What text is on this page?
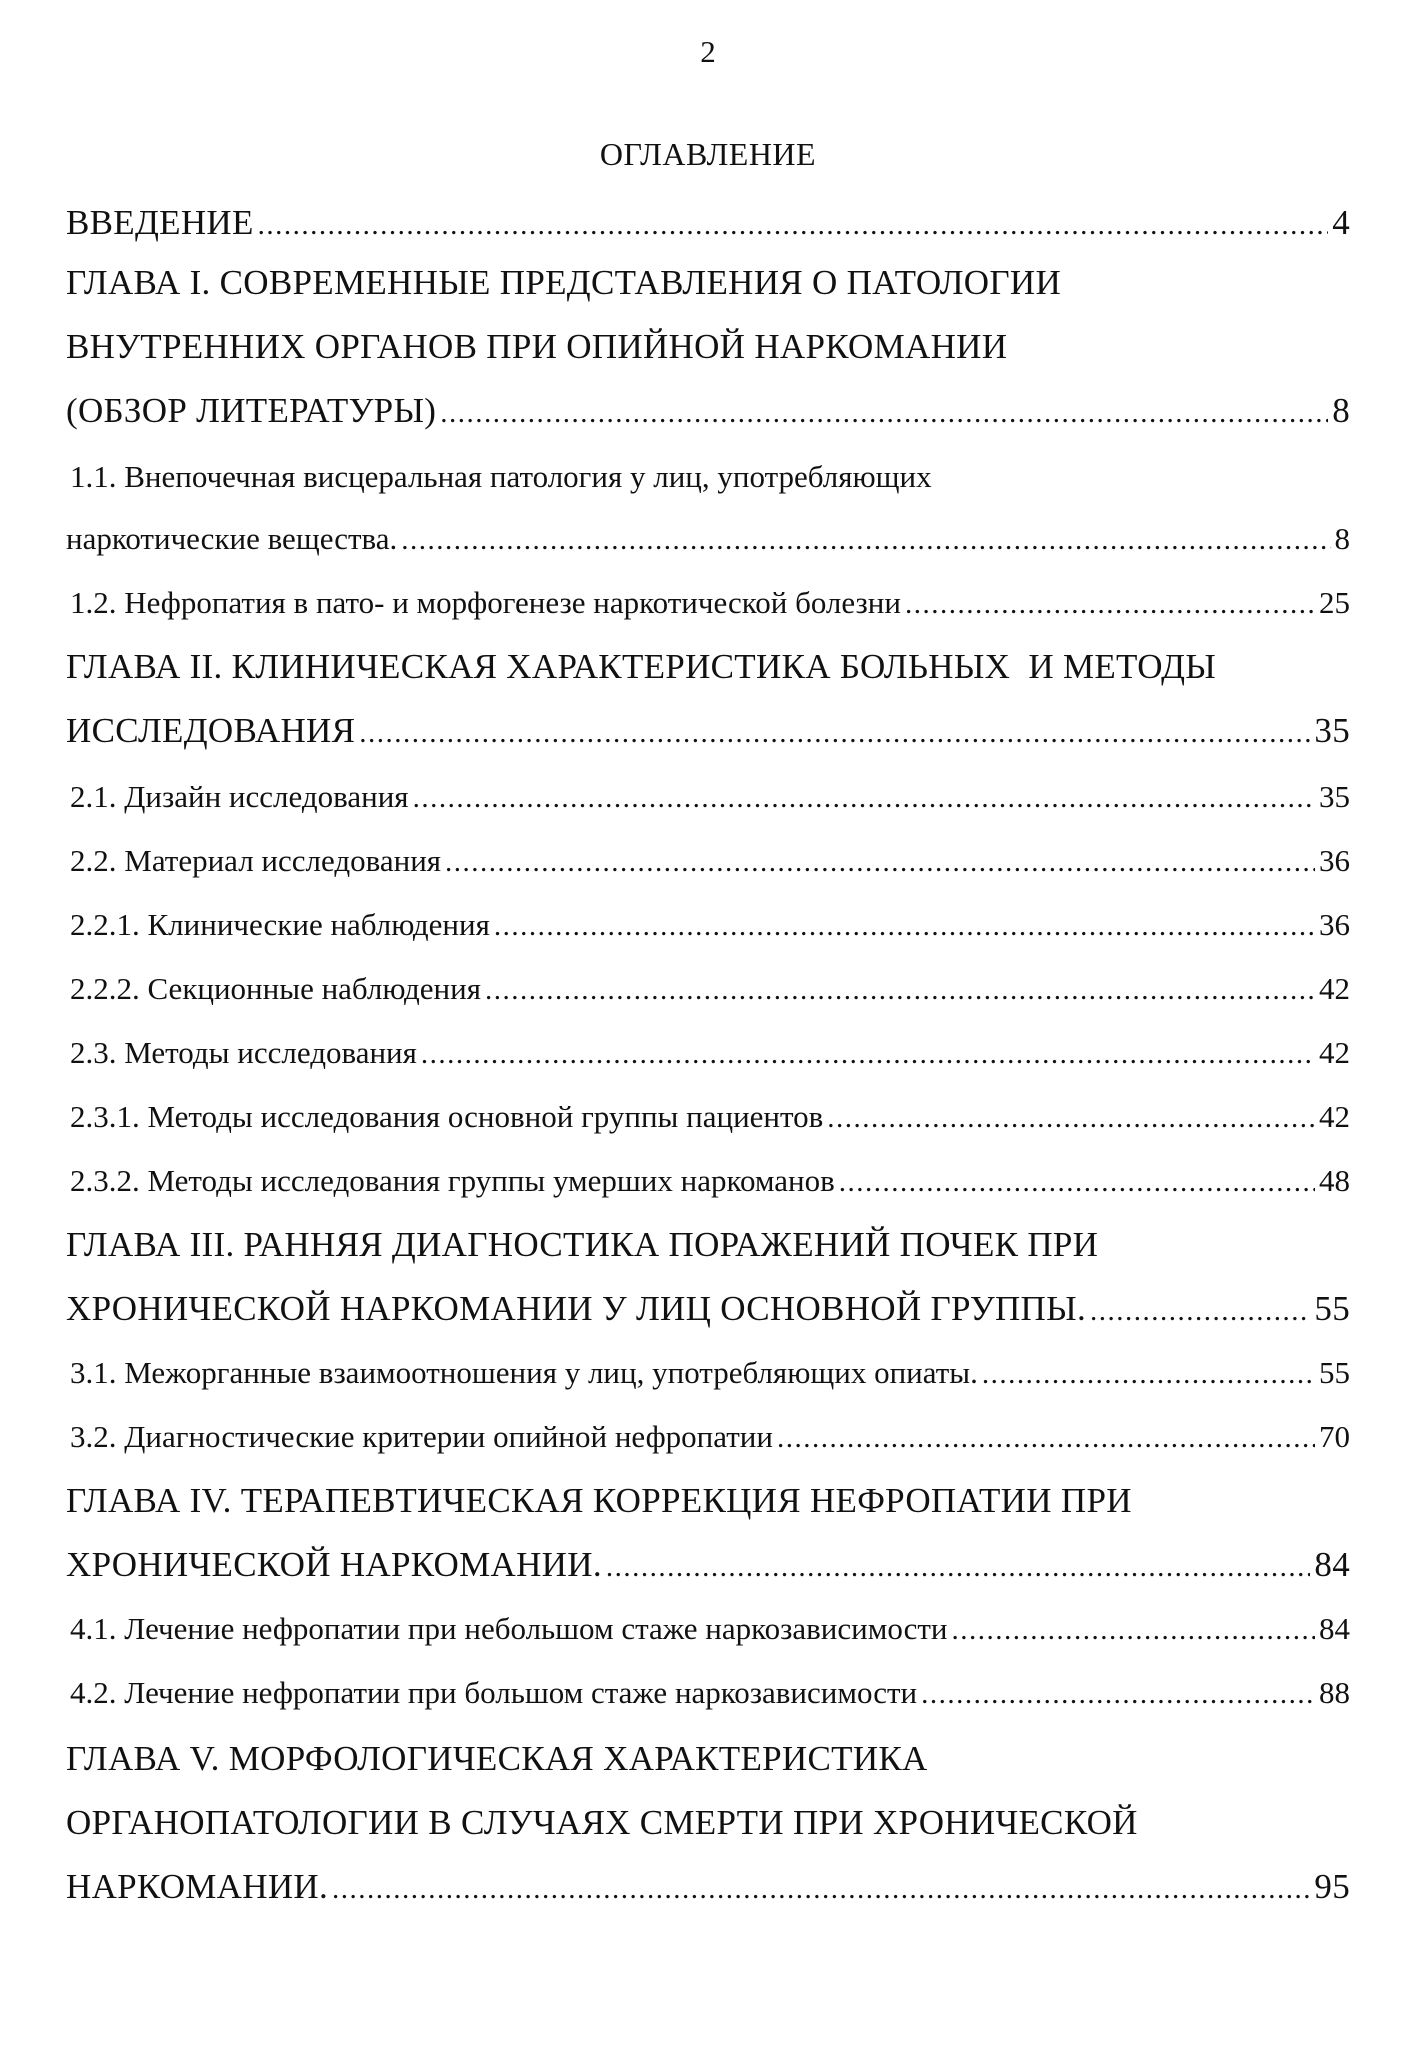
2
ОГЛАВЛЕНИЕ
ВВЕДЕНИЕ .....	4
ГЛАВА I. СОВРЕМЕННЫЕ ПРЕДСТАВЛЕНИЯ О ПАТОЛОГИИ
ВНУТРЕННИХ ОРГАНОВ ПРИ ОПИЙНОЙ НАРКОМАНИИ
(ОБЗОР ЛИТЕРАТУРЫ) .....	8
1.1. Внепочечная висцеральная патология у лиц, употребляющих
наркотические вещества. .....	8
1.2. Нефропатия в пато- и морфогенезе наркотической болезни .....	25
ГЛАВА II. КЛИНИЧЕСКАЯ ХАРАКТЕРИСТИКА БОЛЬНЫХ  И МЕТОДЫ
ИССЛЕДОВАНИЯ .....	35
2.1. Дизайн исследования .....	35
2.2. Материал исследования .....	36
2.2.1. Клинические наблюдения .....	36
2.2.2. Секционные наблюдения .....	42
2.3. Методы исследования .....	42
2.3.1. Методы исследования основной группы пациентов .....	42
2.3.2. Методы исследования группы умерших наркоманов .....	48
ГЛАВА III. РАННЯЯ ДИАГНОСТИКА ПОРАЖЕНИЙ ПОЧЕК ПРИ
ХРОНИЧЕСКОЙ НАРКОМАНИИ У ЛИЦ ОСНОВНОЙ ГРУППЫ. .....	55
3.1. Межорганные взаимоотношения у лиц, употребляющих опиаты. .....	55
3.2. Диагностические критерии опийной нефропатии .....	70
ГЛАВА IV. ТЕРАПЕВТИЧЕСКАЯ КОРРЕКЦИЯ НЕФРОПАТИИ ПРИ
ХРОНИЧЕСКОЙ НАРКОМАНИИ. .....	84
4.1. Лечение нефропатии при небольшом стаже наркозависимости .....	84
4.2. Лечение нефропатии при большом стаже наркозависимости .....	88
ГЛАВА V. МОРФОЛОГИЧЕСКАЯ ХАРАКТЕРИСТИКА
ОРГАНОПАТОЛОГИИ В СЛУЧАЯХ СМЕРТИ ПРИ ХРОНИЧЕСКОЙ
НАРКОМАНИИ. .....	95
